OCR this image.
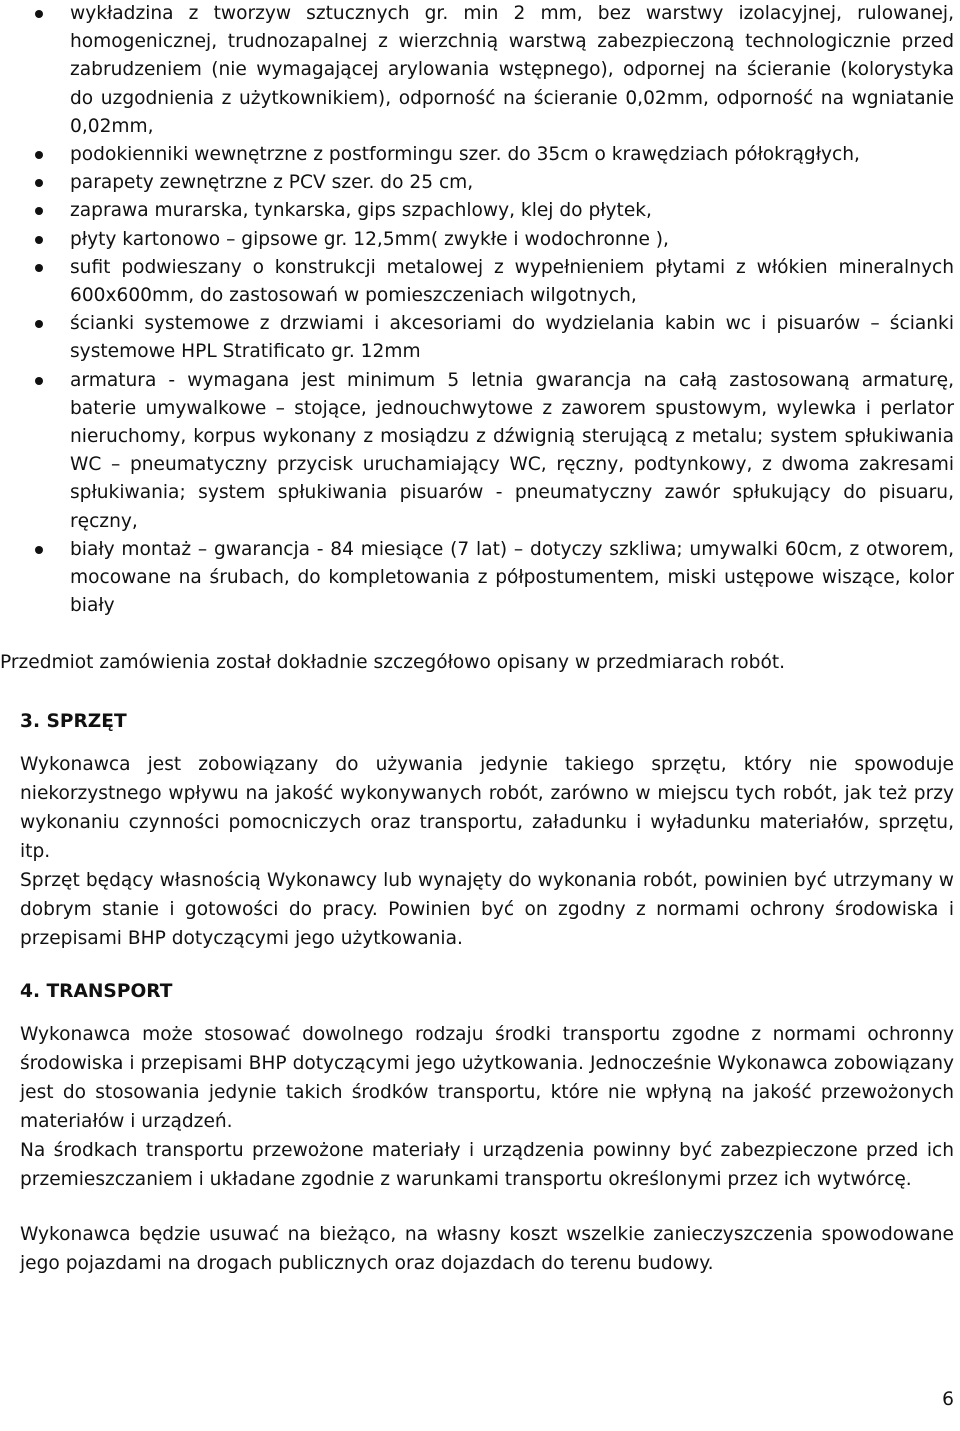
wykładzina z tworzyw sztucznych gr. min 2 mm, bez warstwy izolacyjnej, rulowanej, homogenicznej, trudnozapalnej z wierzchnią warstwą zabezpieczoną technologicznie przed zabrudzeniem (nie wymagającej arylowania wstępnego), odpornej na ścieranie (kolorystyka do uzgodnienia z użytkownikiem), odporność na ścieranie 0,02mm, odporność na wgniatanie 0,02mm,
podokienniki wewnętrzne z postformingu szer. do 35cm o krawędziach półokrągłych,
parapety zewnętrzne z PCV szer. do 25 cm,
zaprawa murarska, tynkarska, gips szpachlowy, klej do płytek,
płyty kartonowo – gipsowe gr. 12,5mm( zwykłe i wodochronne ),
sufit podwieszany o konstrukcji metalowej z wypełnieniem płytami z włókien mineralnych 600x600mm, do zastosowań w pomieszczeniach wilgotnych,
ścianki systemowe z drzwiami i akcesoriami do wydzielania kabin wc i pisuarów – ścianki systemowe HPL Stratificato gr. 12mm
armatura - wymagana jest minimum 5 letnia gwarancja na całą zastosowaną armaturę, baterie umywalkowe – stojące, jednouchwytowe z zaworem spustowym, wylewka i perlator nieruchomy, korpus wykonany z mosiądzu z dźwignią sterującą z metalu; system spłukiwania WC – pneumatyczny przycisk uruchamiający WC, ręczny, podtynkowy, z dwoma zakresami spłukiwania; system spłukiwania pisuarów - pneumatyczny zawór spłukujący do pisuaru, ręczny,
biały montaż – gwarancja - 84 miesiące (7 lat) – dotyczy szkliwa; umywalki 60cm, z otworem, mocowane na śrubach, do kompletowania z półpostumentem, miski ustępowe wiszące, kolor biały
Przedmiot zamówienia został dokładnie szczegółowo opisany w przedmiarach robót.
3. SPRZĘT
Wykonawca jest zobowiązany do używania jedynie takiego sprzętu, który nie spowoduje niekorzystnego wpływu na jakość wykonywanych robót, zarówno w miejscu tych robót, jak też przy wykonaniu czynności pomocniczych oraz transportu, załadunku i wyładunku materiałów, sprzętu, itp.
Sprzęt będący własnością Wykonawcy lub wynajęty do wykonania robót, powinien być utrzymany w dobrym stanie i gotowości do pracy. Powinien być on zgodny z normami ochrony środowiska i przepisami BHP dotyczącymi jego użytkowania.
4. TRANSPORT
Wykonawca może stosować dowolnego rodzaju środki transportu zgodne z normami ochronny środowiska i przepisami BHP dotyczącymi jego użytkowania. Jednocześnie Wykonawca zobowiązany jest do stosowania jedynie takich środków transportu, które nie wpłyną na jakość przewożonych materiałów i urządzeń.
Na środkach transportu przewożone materiały i urządzenia powinny być zabezpieczone przed ich przemieszczaniem i układane zgodnie z warunkami transportu określonymi przez ich wytwórcę.
Wykonawca będzie usuwać na bieżąco, na własny koszt wszelkie zanieczyszczenia spowodowane jego pojazdami na drogach publicznych oraz dojazdach do terenu budowy.
6
